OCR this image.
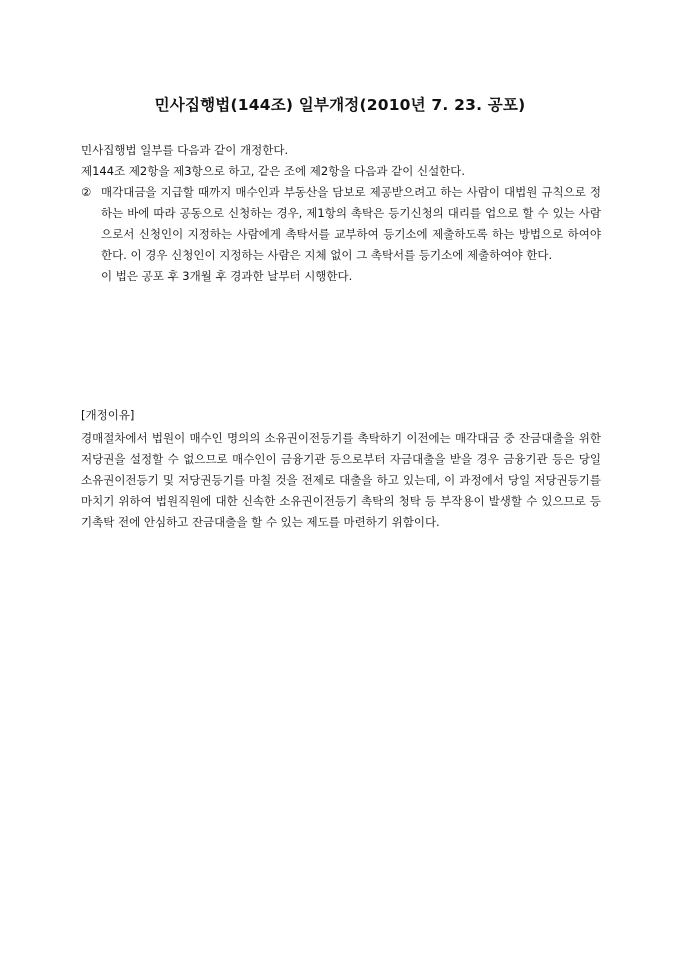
민사집행법(144조) 일부개정(2010년 7. 23. 공포)
민사집행법 일부를 다음과 같이 개정한다.
제144조 제2항을 제3항으로 하고, 같은 조에 제2항을 다음과 같이 신설한다.
② 매각대금을 지급할 때까지 매수인과 부동산을 담보로 제공받으려고 하는 사람이 대법원 규칙으로 정하는 바에 따라 공동으로 신청하는 경우, 제1항의 촉탁은 등기신청의 대리를 업으로 할 수 있는 사람으로서 신청인이 지정하는 사람에게 촉탁서를 교부하여 등기소에 제출하도록 하는 방법으로 하여야 한다. 이 경우 신청인이 지정하는 사람은 지체 없이 그 촉탁서를 등기소에 제출하여야 한다.
이 법은 공포 후 3개월 후 경과한 날부터 시행한다.
[개정이유]
경매절차에서 법원이 매수인 명의의 소유권이전등기를 촉탁하기 이전에는 매각대금 중 잔금대출을 위한 저당권을 설정할 수 없으므로 매수인이 금융기관 등으로부터 자금대출을 받을 경우 금융기관 등은 당일 소유권이전등기 및 저당권등기를 마칠 것을 전제로 대출을 하고 있는데, 이 과정에서 당일 저당권등기를 마치기 위하여 법원직원에 대한 신속한 소유권이전등기 촉탁의 청탁 등 부작용이 발생할 수 있으므로 등기촉탁 전에 안심하고 잔금대출을 할 수 있는 제도를 마련하기 위함이다.
